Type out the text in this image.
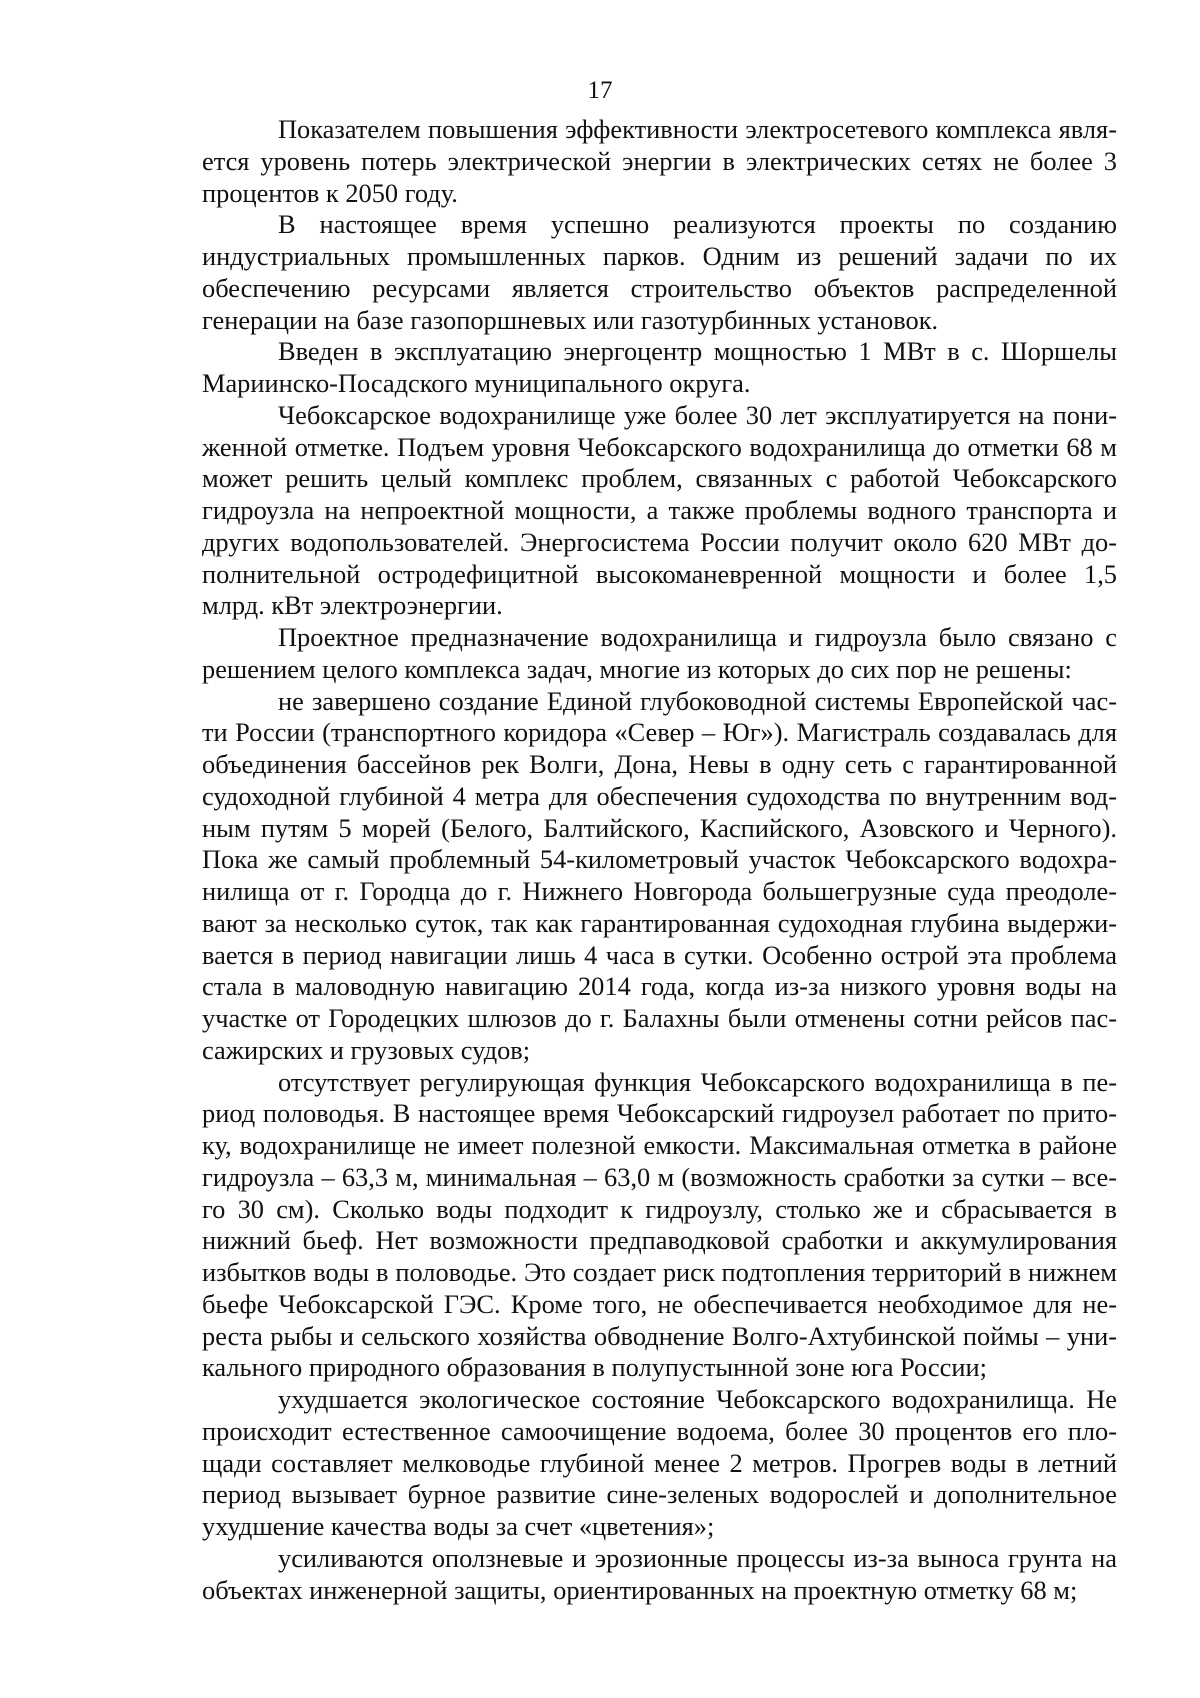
17

Показателем повышения эффективности электросетевого комплекса является уровень потерь электрической энергии в электрических сетях не более 3 процентов к 2050 году.

В настоящее время успешно реализуются проекты по созданию индустриальных промышленных парков. Одним из решений задачи по их обеспечению ресурсами является строительство объектов распределенной генерации на базе газопоршневых или газотурбинных установок.

Введен в эксплуатацию энергоцентр мощностью 1 МВт в с. Шоршелы Мариинско-Посадского муниципального округа.

Чебоксарское водохранилище уже более 30 лет эксплуатируется на пониженной отметке. Подъем уровня Чебоксарского водохранилища до отметки 68 м может решить целый комплекс проблем, связанных с работой Чебоксарского гидроузла на непроектной мощности, а также проблемы водного транспорта и других водопользователей. Энергосистема России получит около 620 МВт дополнительной остродефицитной высокоманевренной мощности и более 1,5 млрд. кВт электроэнергии.

Проектное предназначение водохранилища и гидроузла было связано с решением целого комплекса задач, многие из которых до сих пор не решены:

не завершено создание Единой глубоководной системы Европейской части России (транспортного коридора «Север – Юг»). Магистраль создавалась для объединения бассейнов рек Волги, Дона, Невы в одну сеть с гарантированной судоходной глубиной 4 метра для обеспечения судоходства по внутренним водным путям 5 морей (Белого, Балтийского, Каспийского, Азовского и Черного). Пока же самый проблемный 54-километровый участок Чебоксарского водохранилища от г. Городца до г. Нижнего Новгорода большегрузные суда преодолевают за несколько суток, так как гарантированная судоходная глубина выдерживается в период навигации лишь 4 часа в сутки. Особенно острой эта проблема стала в маловодную навигацию 2014 года, когда из-за низкого уровня воды на участке от Городецких шлюзов до г. Балахны были отменены сотни рейсов пассажирских и грузовых судов;

отсутствует регулирующая функция Чебоксарского водохранилища в период половодья. В настоящее время Чебоксарский гидроузел работает по притоку, водохранилище не имеет полезной емкости. Максимальная отметка в районе гидроузла – 63,3 м, минимальная – 63,0 м (возможность сработки за сутки – всего 30 см). Сколько воды подходит к гидроузлу, столько же и сбрасывается в нижний бьеф. Нет возможности предпаводковой сработки и аккумулирования избытков воды в половодье. Это создает риск подтопления территорий в нижнем бьефе Чебоксарской ГЭС. Кроме того, не обеспечивается необходимое для нереста рыбы и сельского хозяйства обводнение Волго-Ахтубинской поймы – уникального природного образования в полупустынной зоне юга России;

ухудшается экологическое состояние Чебоксарского водохранилища. Не происходит естественное самоочищение водоема, более 30 процентов его площади составляет мелководье глубиной менее 2 метров. Прогрев воды в летний период вызывает бурное развитие сине-зеленых водорослей и дополнительное ухудшение качества воды за счет «цветения»;

усиливаются оползневые и эрозионные процессы из-за выноса грунта на объектах инженерной защиты, ориентированных на проектную отметку 68 м;
